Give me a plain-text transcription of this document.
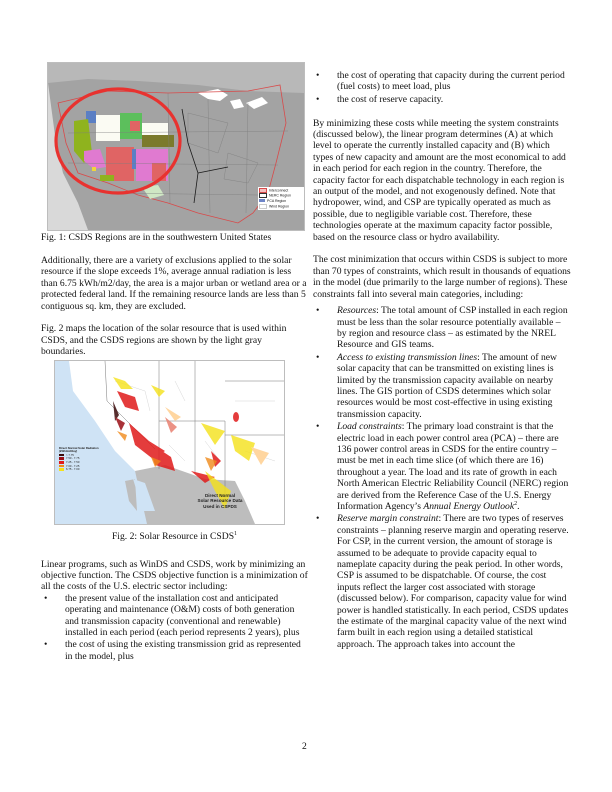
Interconnect
NERC Region
PCA Region
Wind Region
Fig. 1: CSDS Regions are in the southwestern United States

Additionally, there are a variety of exclusions applied to the solar resource if the slope exceeds 1%, average annual radiation is less than 6.75 kWh/m2/day, the area is a major urban or wetland area or a protected federal land. If the remaining resource lands are less than 5 contiguous sq. km, they are excluded.

Fig. 2 maps the location of the solar resource that is used within CSDS, and the CSDS regions are shown by the light gray boundaries.

Direct Normal Solar Radiation (kWh/m2/day)
> 7.75
7.50 - 7.75
7.25 - 7.50
7.00 - 7.25
6.75 - 7.00
Direct Normal
Solar Resource Data
Used in CSPDS
Fig. 2: Solar Resource in CSDS$^1$

Linear programs, such as WinDS and CSDS, work by minimizing an objective function. The CSDS objective function is a minimization of all the costs of the U.S. electric sector including:

• the present value of the installation cost and anticipated operating and maintenance (O&M) costs of both generation and transmission capacity (conventional and renewable) installed in each period (each period represents 2 years), plus
• the cost of using the existing transmission grid as represented in the model, plus
• the cost of operating that capacity during the current period (fuel costs) to meet load, plus
• the cost of reserve capacity.

By minimizing these costs while meeting the system constraints (discussed below), the linear program determines (A) at which level to operate the currently installed capacity and (B) which types of new capacity and amount are the most economical to add in each period for each region in the country. Therefore, the capacity factor for each dispatchable technology in each region is an output of the model, and not exogenously defined. Note that hydropower, wind, and CSP are typically operated as much as possible, due to negligible variable cost. Therefore, these technologies operate at the maximum capacity factor possible, based on the resource class or hydro availability.

The cost minimization that occurs within CSDS is subject to more than 70 types of constraints, which result in thousands of equations in the model (due primarily to the large number of regions). These constraints fall into several main categories, including:

• Resources: The total amount of CSP installed in each region must be less than the solar resource potentially available – by region and resource class – as estimated by the NREL Resource and GIS teams.
• Access to existing transmission lines: The amount of new solar capacity that can be transmitted on existing lines is limited by the transmission capacity available on nearby lines. The GIS portion of CSDS determines which solar resources would be most cost-effective in using existing transmission capacity.
• Load constraints: The primary load constraint is that the electric load in each power control area (PCA) – there are 136 power control areas in CSDS for the entire country – must be met in each time slice (of which there are 16) throughout a year. The load and its rate of growth in each North American Electric Reliability Council (NERC) region are derived from the Reference Case of the U.S. Energy Information Agency’s Annual Energy Outlook$^2$.
• Reserve margin constraint: There are two types of reserves constraints – planning reserve margin and operating reserve. For CSP, in the current version, the amount of storage is assumed to be adequate to provide capacity equal to nameplate capacity during the peak period. In other words, CSP is assumed to be dispatchable. Of course, the cost inputs reflect the larger cost associated with storage (discussed below). For comparison, capacity value for wind power is handled statistically. In each period, CSDS updates the estimate of the marginal capacity value of the next wind farm built in each region using a detailed statistical approach. The approach takes into account the
2
